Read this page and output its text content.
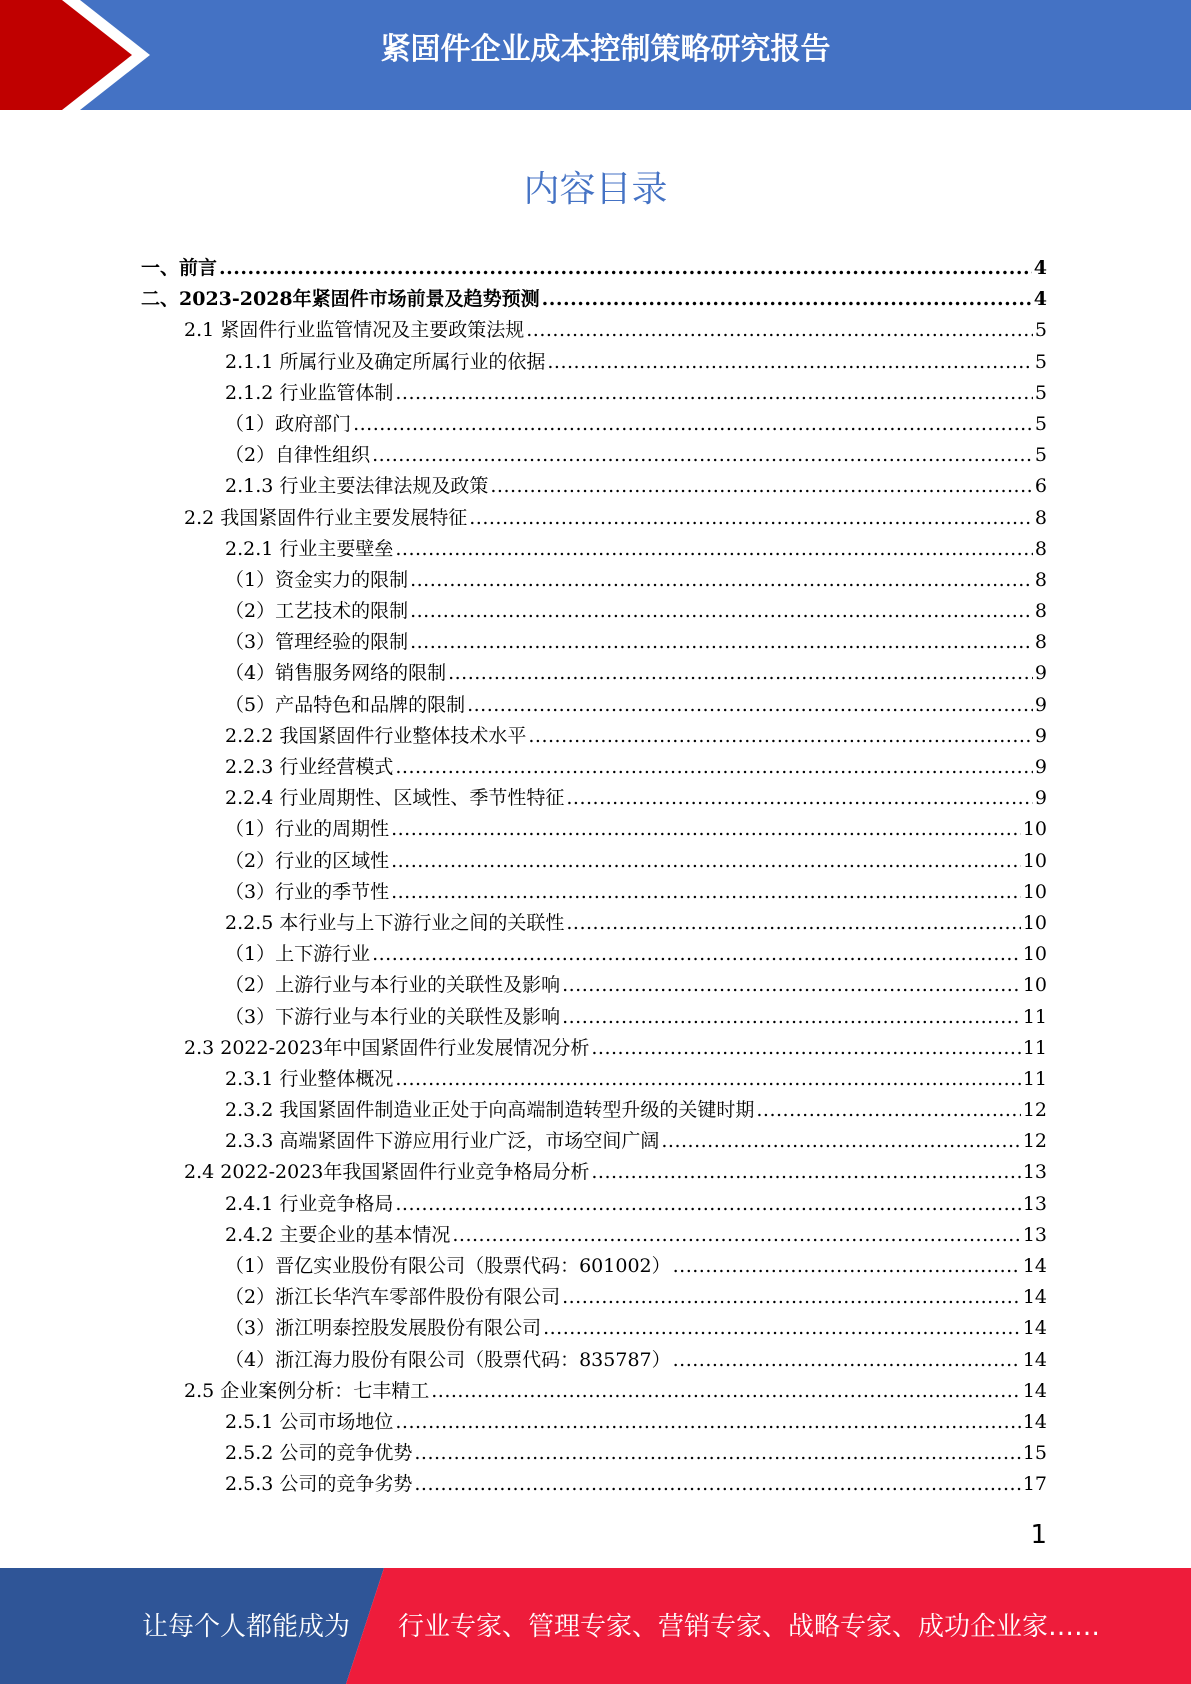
紧固件企业成本控制策略研究报告
内容目录
一、前言 .....	4
二、2023-2028年紧固件市场前景及趋势预测 .....	4
2.1 紧固件行业监管情况及主要政策法规 .....	5
2.1.1 所属行业及确定所属行业的依据 .....	5
2.1.2 行业监管体制 .....	5
（1）政府部门 .....	5
（2）自律性组织 .....	5
2.1.3 行业主要法律法规及政策 .....	6
2.2 我国紧固件行业主要发展特征 .....	8
2.2.1 行业主要壁垒 .....	8
（1）资金实力的限制 .....	8
（2）工艺技术的限制 .....	8
（3）管理经验的限制 .....	8
（4）销售服务网络的限制 .....	9
（5）产品特色和品牌的限制 .....	9
2.2.2 我国紧固件行业整体技术水平 .....	9
2.2.3 行业经营模式 .....	9
2.2.4 行业周期性、区域性、季节性特征 .....	9
（1）行业的周期性 .....	10
（2）行业的区域性 .....	10
（3）行业的季节性 .....	10
2.2.5 本行业与上下游行业之间的关联性 .....	10
（1）上下游行业 .....	10
（2）上游行业与本行业的关联性及影响 .....	10
（3）下游行业与本行业的关联性及影响 .....	11
2.3 2022-2023年中国紧固件行业发展情况分析 .....	11
2.3.1 行业整体概况 .....	11
2.3.2 我国紧固件制造业正处于向高端制造转型升级的关键时期 .....	12
2.3.3 高端紧固件下游应用行业广泛，市场空间广阔 .....	12
2.4 2022-2023年我国紧固件行业竞争格局分析 .....	13
2.4.1 行业竞争格局 .....	13
2.4.2 主要企业的基本情况 .....	13
（1）晋亿实业股份有限公司（股票代码：601002） .....	14
（2）浙江长华汽车零部件股份有限公司 .....	14
（3）浙江明泰控股发展股份有限公司 .....	14
（4）浙江海力股份有限公司（股票代码：835787） .....	14
2.5 企业案例分析：七丰精工 .....	14
2.5.1 公司市场地位 .....	14
2.5.2 公司的竞争优势 .....	15
2.5.3 公司的竞争劣势 .....	17
1
让每个人都能成为 行业专家、管理专家、营销专家、战略专家、成功企业家……
